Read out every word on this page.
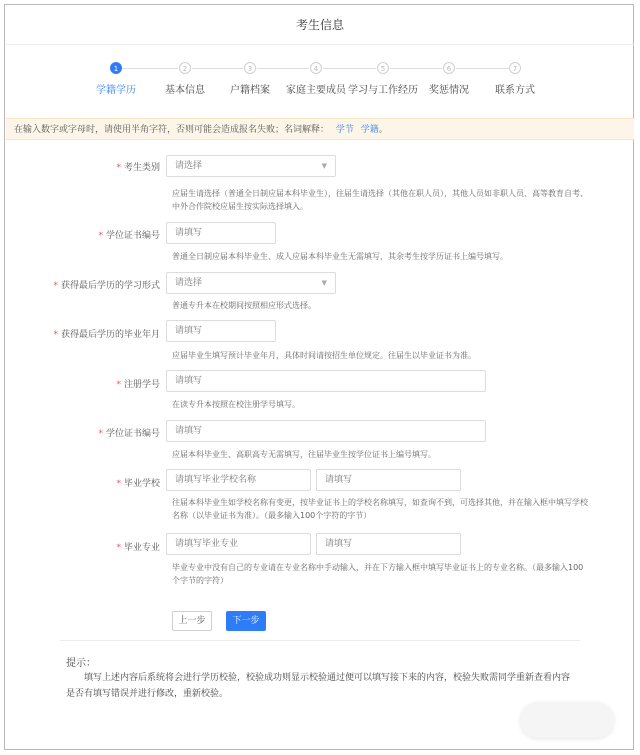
考生信息
1
学籍学历
2
基本信息
3
户籍档案
4
家庭主要成员
5
学习与工作经历
6
奖惩情况
7
联系方式
在输入数字或字母时，请使用半角字符，否则可能会造成报名失败；名词解释： 学节 学籍。
* 考生类别	请选择	▼
应届生请选择（普通全日制应届本科毕业生），往届生请选择（其他在职人员），其他人员如非职人员、高等教育自考、中外合作院校应届生按实际选择填入。
* 学位证书编号	请填写
普通全日制应届本科毕业生、成人应届本科毕业生无需填写，其余考生按学历证书上编号填写。
* 获得最后学历的学习形式	请选择	▼
普通专升本在校期间按照相应形式选择。
* 获得最后学历的毕业年月	请填写
应届毕业生填写预计毕业年月，具体时间请按招生单位规定。往届生以毕业证书为准。
* 注册学号	请填写
在读专升本按照在校注册学号填写。
* 学位证书编号	请填写
应届本科毕业生、高职高专无需填写，往届毕业生按学位证书上编号填写。
* 毕业学校	请填写毕业学校名称	请填写
往届本科毕业生如学校名称有变更，按毕业证书上的学校名称填写，如查询不到，可选择其他，并在输入框中填写学校名称（以毕业证书为准）。（最多输入100个字符的字节）
* 毕业专业	请填写毕业专业	请填写
毕业专业中没有自己的专业请在专业名称中手动输入，并在下方输入框中填写毕业证书上的专业名称。（最多输入100个字节的字符）
上一步	下一步
提示：
填写上述内容后系统将会进行学历校验，校验成功则显示校验通过便可以填写接下来的内容，校验失败需同学重新查看内容是否有填写错误并进行修改，重新校验。
